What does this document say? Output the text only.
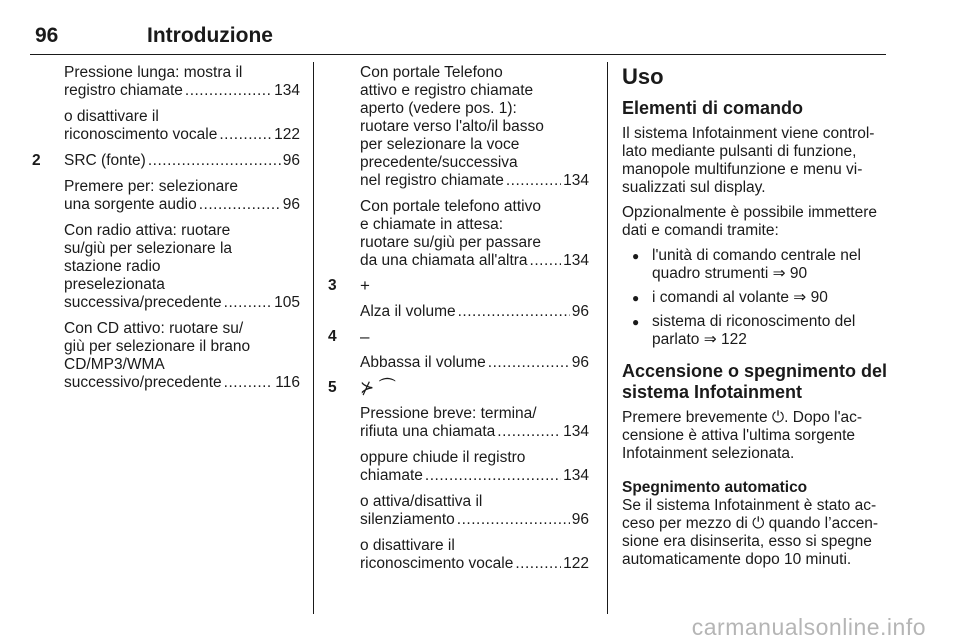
96	Introduzione
Pressione lunga: mostra il
registro chiamate .....	134
o disattivare il
riconoscimento vocale .....	122
2 SRC (fonte) .....	96
Premere per: selezionare
una sorgente audio .....	96
Con radio attiva: ruotare
su/giù per selezionare la
stazione radio
preselezionata
successiva/precedente .....	105
Con CD attivo: ruotare su/
giù per selezionare il brano
CD/MP3/WMA
successivo/precedente .....	116
Con portale Telefono
attivo e registro chiamate
aperto (vedere pos. 1):
ruotare verso l'alto/il basso
per selezionare la voce
precedente/successiva
nel registro chiamate .....	134
Con portale telefono attivo
e chiamate in attesa:
ruotare su/giù per passare
da una chiamata all'altra ..... 134
3 +
Alza il volume .....	96
4 –
Abbassa il volume .....	96
5 ⊁ ⏜
Pressione breve: termina/
rifiuta una chiamata .....	134
oppure chiude il registro
chiamate .....	134
o attiva/disattiva il
silenziamento .....	96
o disattivare il
riconoscimento vocale .....	122
Uso
Elementi di comando

Il sistema Infotainment viene control-
lato mediante pulsanti di funzione,
manopole multifunzione e menu vi-
sualizzati sul display.

Opzionalmente è possibile immettere
dati e comandi tramite:

● l'unità di comando centrale nel
quadro strumenti ⇒ 90
● i comandi al volante ⇒ 90
● sistema di riconoscimento del
parlato ⇒ 122
Accensione o spegnimento del
sistema Infotainment

Premere brevemente ⏻. Dopo l'ac-
censione è attiva l'ultima sorgente
Infotainment selezionata.

Spegnimento automatico

Se il sistema Infotainment è stato ac-
ceso per mezzo di ⏻ quando l’accen-
sione era disinserita, esso si spegne
automaticamente dopo 10 minuti.

carmanualsonline.info
